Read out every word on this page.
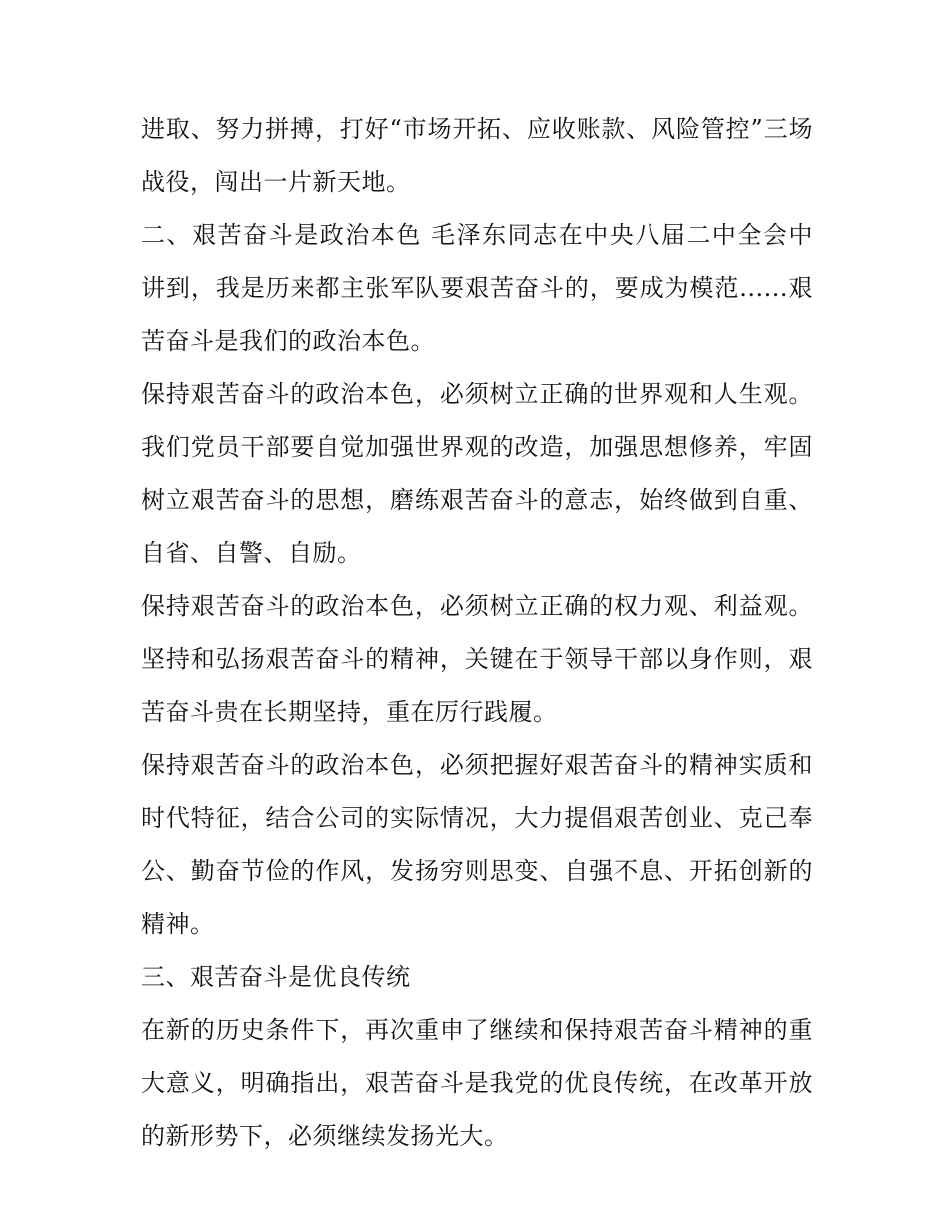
进取、努力拼搏，打好“市场开拓、应收账款、风险管控”三场
战役，闯出一片新天地。
二、艰苦奋斗是政治本色 毛泽东同志在中央八届二中全会中
讲到，我是历来都主张军队要艰苦奋斗的，要成为模范......艰
苦奋斗是我们的政治本色。
保持艰苦奋斗的政治本色，必须树立正确的世界观和人生观。
我们党员干部要自觉加强世界观的改造，加强思想修养，牢固
树立艰苦奋斗的思想，磨练艰苦奋斗的意志，始终做到自重、
自省、自警、自励。
保持艰苦奋斗的政治本色，必须树立正确的权力观、利益观。
坚持和弘扬艰苦奋斗的精神，关键在于领导干部以身作则，艰
苦奋斗贵在长期坚持，重在厉行践履。
保持艰苦奋斗的政治本色，必须把握好艰苦奋斗的精神实质和
时代特征，结合公司的实际情况，大力提倡艰苦创业、克己奉
公、勤奋节俭的作风，发扬穷则思变、自强不息、开拓创新的
精神。
三、艰苦奋斗是优良传统
在新的历史条件下，再次重申了继续和保持艰苦奋斗精神的重
大意义，明确指出，艰苦奋斗是我党的优良传统，在改革开放
的新形势下，必须继续发扬光大。
